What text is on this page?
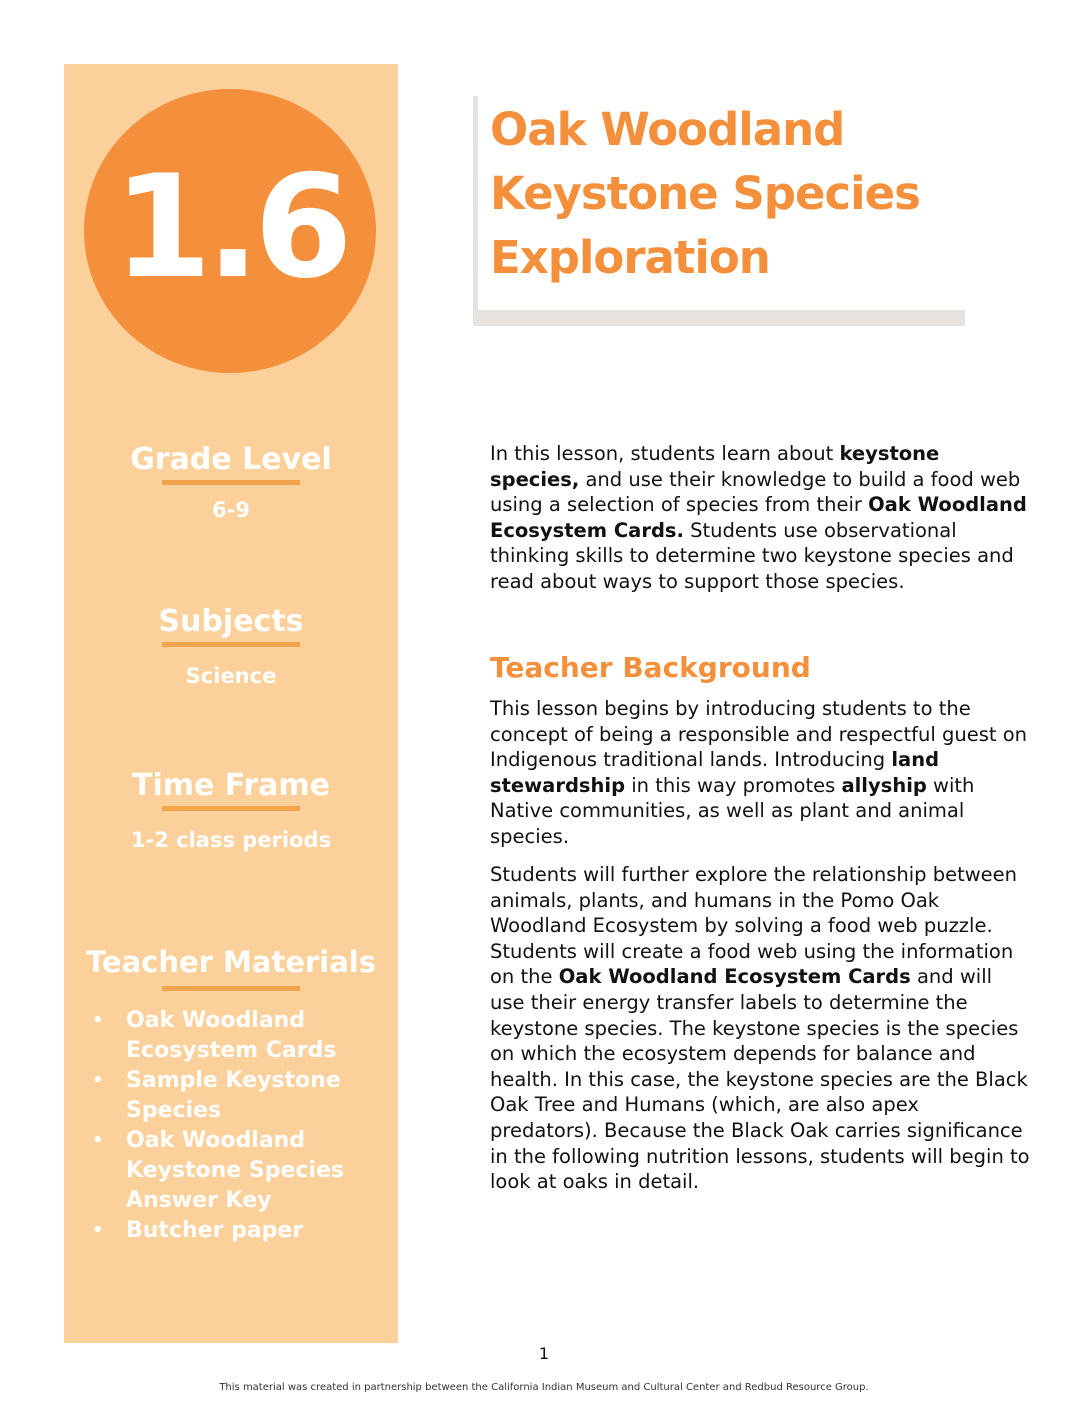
1.6
Grade Level
6-9
Subjects
Science
Time Frame
1-2 class periods
Teacher Materials
• Oak Woodland Ecosystem Cards
• Sample Keystone Species
• Oak Woodland Keystone Species Answer Key
• Butcher paper
Oak Woodland
Keystone Species
Exploration

In this lesson, students learn about keystone species, and use their knowledge to build a food web using a selection of species from their Oak Woodland Ecosystem Cards. Students use observational thinking skills to determine two keystone species and read about ways to support those species.

Teacher Background

This lesson begins by introducing students to the concept of being a responsible and respectful guest on Indigenous traditional lands. Introducing land stewardship in this way promotes allyship with Native communities, as well as plant and animal species.

Students will further explore the relationship between animals, plants, and humans in the Pomo Oak Woodland Ecosystem by solving a food web puzzle. Students will create a food web using the information on the Oak Woodland Ecosystem Cards and will use their energy transfer labels to determine the keystone species. The keystone species is the species on which the ecosystem depends for balance and health. In this case, the keystone species are the Black Oak Tree and Humans (which, are also apex predators). Because the Black Oak carries significance in the following nutrition lessons, students will begin to look at oaks in detail.

1
This material was created in partnership between the California Indian Museum and Cultural Center and Redbud Resource Group.
